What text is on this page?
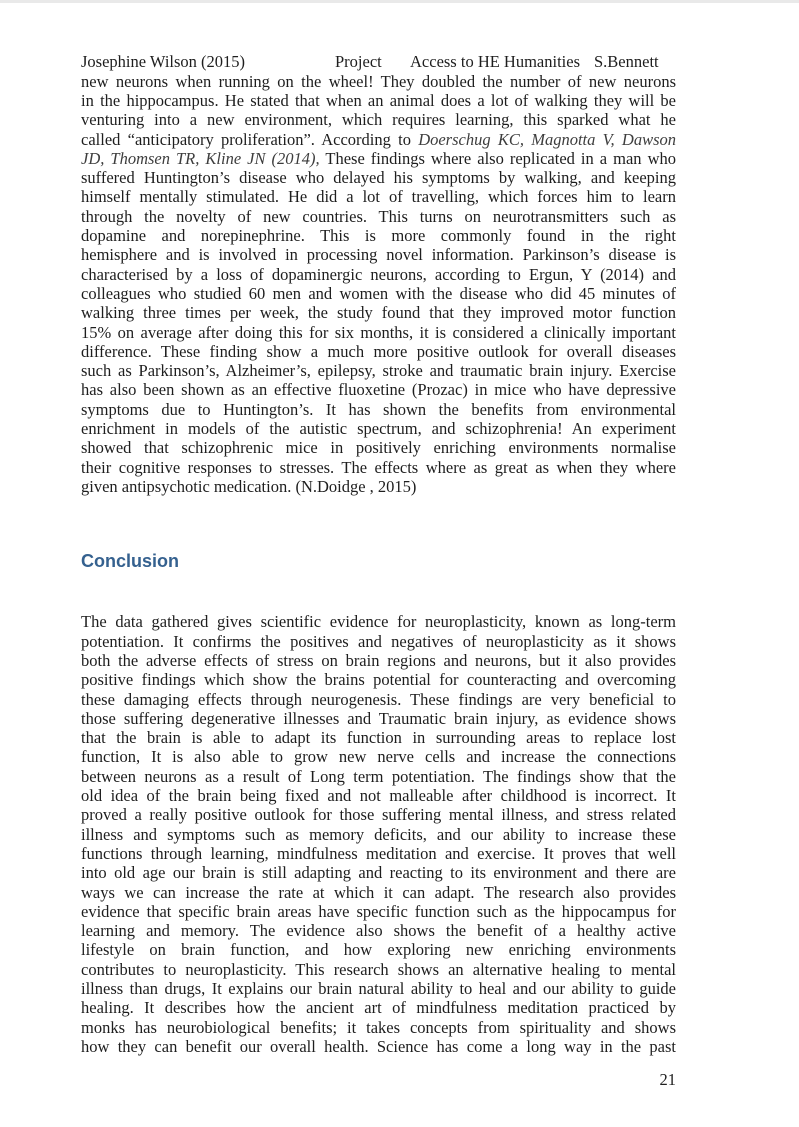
Josephine Wilson (2015)	Project Access to HE Humanities S.Bennett
new neurons when running on the wheel! They doubled the number of new neurons
in the hippocampus. He stated that when an animal does a lot of walking they will be
venturing into a new environment, which requires learning, this sparked what he
called “anticipatory proliferation”. According to Doerschug KC, Magnotta V, Dawson
JD, Thomsen TR, Kline JN (2014), These findings where also replicated in a man who
suffered Huntington’s disease who delayed his symptoms by walking, and keeping
himself mentally stimulated. He did a lot of travelling, which forces him to learn
through the novelty of new countries. This turns on neurotransmitters such as
dopamine and norepinephrine. This is more commonly found in the right
hemisphere and is involved in processing novel information. Parkinson’s disease is
characterised by a loss of dopaminergic neurons, according to Ergun, Y (2014) and
colleagues who studied 60 men and women with the disease who did 45 minutes of
walking three times per week, the study found that they improved motor function
15% on average after doing this for six months, it is considered a clinically important
difference. These finding show a much more positive outlook for overall diseases
such as Parkinson’s, Alzheimer’s, epilepsy, stroke and traumatic brain injury. Exercise
has also been shown as an effective fluoxetine (Prozac) in mice who have depressive
symptoms due to Huntington’s. It has shown the benefits from environmental
enrichment in models of the autistic spectrum, and schizophrenia! An experiment
showed that schizophrenic mice in positively enriching environments normalise
their cognitive responses to stresses. The effects where as great as when they where
given antipsychotic medication. (N.Doidge , 2015)
Conclusion
The data gathered gives scientific evidence for neuroplasticity, known as long-term
potentiation. It confirms the positives and negatives of neuroplasticity as it shows
both the adverse effects of stress on brain regions and neurons, but it also provides
positive findings which show the brains potential for counteracting and overcoming
these damaging effects through neurogenesis. These findings are very beneficial to
those suffering degenerative illnesses and Traumatic brain injury, as evidence shows
that the brain is able to adapt its function in surrounding areas to replace lost
function, It is also able to grow new nerve cells and increase the connections
between neurons as a result of Long term potentiation. The findings show that the
old idea of the brain being fixed and not malleable after childhood is incorrect. It
proved a really positive outlook for those suffering mental illness, and stress related
illness and symptoms such as memory deficits, and our ability to increase these
functions through learning, mindfulness meditation and exercise. It proves that well
into old age our brain is still adapting and reacting to its environment and there are
ways we can increase the rate at which it can adapt. The research also provides
evidence that specific brain areas have specific function such as the hippocampus for
learning and memory. The evidence also shows the benefit of a healthy active
lifestyle on brain function, and how exploring new enriching environments
contributes to neuroplasticity. This research shows an alternative healing to mental
illness than drugs, It explains our brain natural ability to heal and our ability to guide
healing. It describes how the ancient art of mindfulness meditation practiced by
monks has neurobiological benefits; it takes concepts from spirituality and shows
how they can benefit our overall health. Science has come a long way in the past
21
